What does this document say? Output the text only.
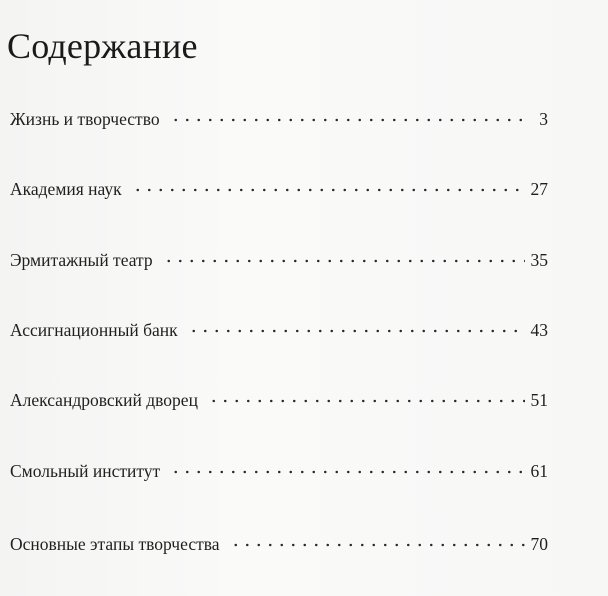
Содержание
Жизнь и творчество	3
Академия наук	27
Эрмитажный театр	35
Ассигнационный банк	43
Александровский дворец	51
Смольный институт	61
Основные этапы творчества	70
